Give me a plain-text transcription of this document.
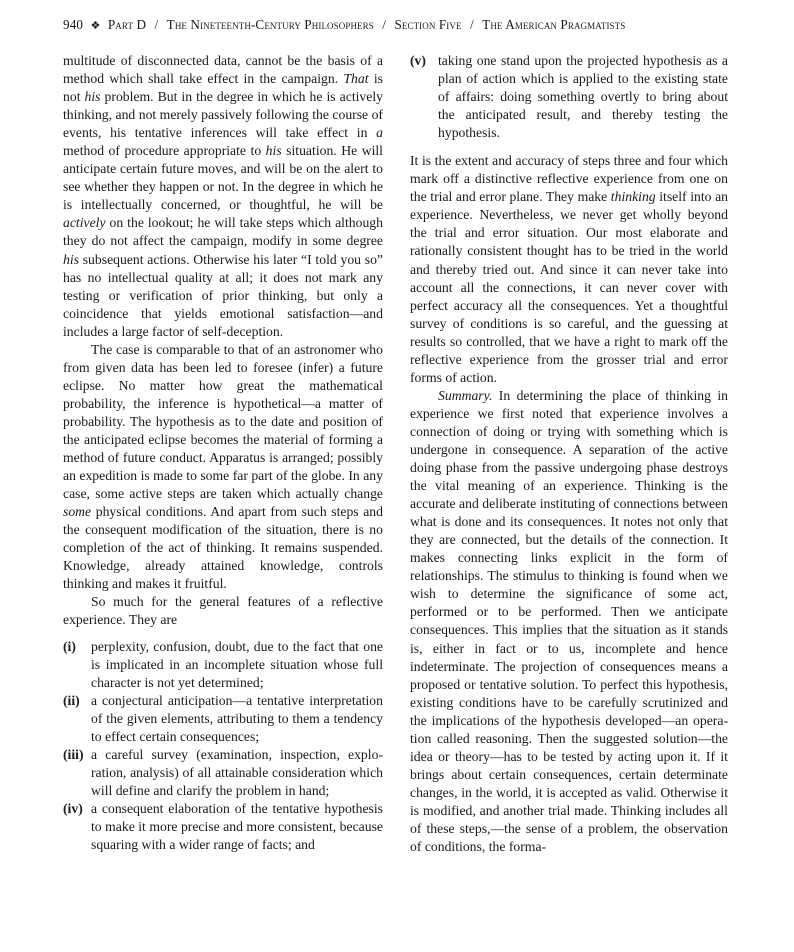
940 ❖ Part D / The Nineteenth-Century Philosophers / Section Five / The American Pragmatists

multitude of disconnected data, cannot be the basis of a method which shall take effect in the campaign. That is not his problem. But in the degree in which he is actively thinking, and not merely passively following the course of events, his tentative inferences will take effect in a method of procedure appropriate to his situation. He will anticipate certain future moves, and will be on the alert to see whether they happen or not. In the degree in which he is intellectually concerned, or thoughtful, he will be actively on the lookout; he will take steps which although they do not affect the campaign, modify in some degree his subsequent actions. Otherwise his later “I told you so” has no intellectual quality at all; it does not mark any testing or verification of prior thinking, but only a coincidence that yields emotional satisfaction—and includes a large factor of self-deception.

The case is comparable to that of an astronomer who from given data has been led to foresee (infer) a future eclipse. No matter how great the mathematical probability, the inference is hypothetical—a matter of probability. The hypothesis as to the date and position of the anticipated eclipse becomes the material of forming a method of future conduct. Apparatus is arranged; possibly an expedition is made to some far part of the globe. In any case, some active steps are taken which actually change some physical conditions. And apart from such steps and the consequent modification of the situation, there is no completion of the act of thinking. It remains suspended. Knowledge, already attained knowledge, controls thinking and makes it fruitful.

So much for the general features of a reflective experience. They are

(i) perplexity, confusion, doubt, due to the fact that one is implicated in an incomplete situation whose full character is not yet determined;
(ii) a conjectural anticipation—a tentative interpretation of the given elements, attributing to them a tendency to effect certain consequences;
(iii) a careful survey (examination, inspection, exploration, analysis) of all attainable consideration which will define and clarify the problem in hand;
(iv) a consequent elaboration of the tentative hypothesis to make it more precise and more consistent, because squaring with a wider range of facts; and
(v) taking one stand upon the projected hypothesis as a plan of action which is applied to the existing state of affairs: doing something overtly to bring about the anticipated result, and thereby testing the hypothesis.

It is the extent and accuracy of steps three and four which mark off a distinctive reflective experience from one on the trial and error plane. They make thinking itself into an experience. Nevertheless, we never get wholly beyond the trial and error situation. Our most elaborate and rationally consistent thought has to be tried in the world and thereby tried out. And since it can never take into account all the connections, it can never cover with perfect accuracy all the consequences. Yet a thoughtful survey of conditions is so careful, and the guessing at results so controlled, that we have a right to mark off the reflective experience from the grosser trial and error forms of action.

Summary. In determining the place of thinking in experience we first noted that experience involves a connection of doing or trying with something which is undergone in consequence. A separation of the active doing phase from the passive undergoing phase destroys the vital meaning of an experience. Thinking is the accurate and deliberate instituting of connections between what is done and its consequences. It notes not only that they are connected, but the details of the connection. It makes connecting links explicit in the form of relationships. The stimulus to thinking is found when we wish to determine the significance of some act, performed or to be performed. Then we anticipate consequences. This implies that the situation as it stands is, either in fact or to us, incomplete and hence indeterminate. The projection of consequences means a proposed or tentative solution. To perfect this hypothesis, existing conditions have to be carefully scrutinized and the implications of the hypothesis developed—an operation called reasoning. Then the suggested solution—the idea or theory—has to be tested by acting upon it. If it brings about certain consequences, certain determinate changes, in the world, it is accepted as valid. Otherwise it is modified, and another trial made. Thinking includes all of these steps,—the sense of a problem, the observation of conditions, the forma-
